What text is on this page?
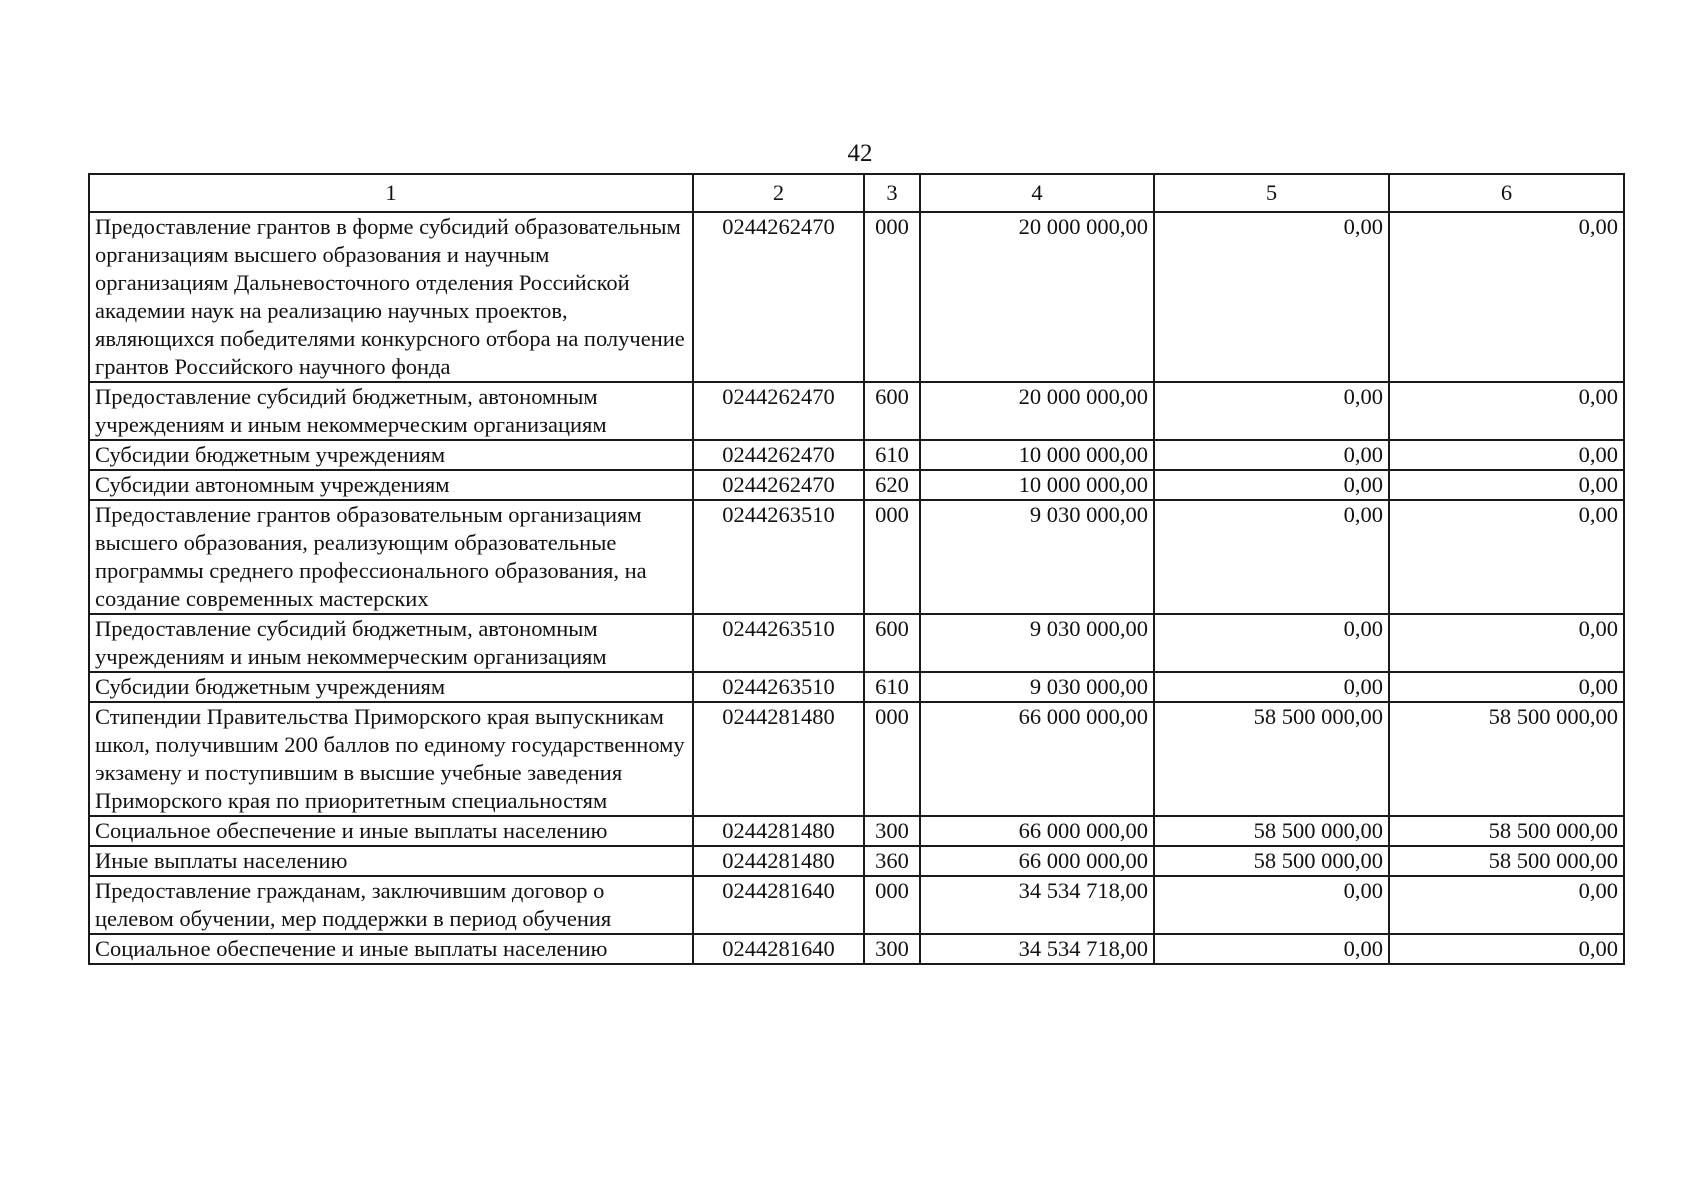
42
1	2	3	4	5	6
Предоставление грантов в форме субсидий образовательным организациям высшего образования и научным организациям Дальневосточного отделения Российской академии наук на реализацию научных проектов, являющихся победителями конкурсного отбора на получение грантов Российского научного фонда	0244262470	000	20 000 000,00	0,00	0,00
Предоставление субсидий бюджетным, автономным учреждениям и иным некоммерческим организациям	0244262470	600	20 000 000,00	0,00	0,00
Субсидии бюджетным учреждениям	0244262470	610	10 000 000,00	0,00	0,00
Субсидии автономным учреждениям	0244262470	620	10 000 000,00	0,00	0,00
Предоставление грантов образовательным организациям высшего образования, реализующим образовательные программы среднего профессионального образования, на создание современных мастерских	0244263510	000	9 030 000,00	0,00	0,00
Предоставление субсидий бюджетным, автономным учреждениям и иным некоммерческим организациям	0244263510	600	9 030 000,00	0,00	0,00
Субсидии бюджетным учреждениям	0244263510	610	9 030 000,00	0,00	0,00
Стипендии Правительства Приморского края выпускникам школ, получившим 200 баллов по единому государственному экзамену и поступившим в высшие учебные заведения Приморского края по приоритетным специальностям	0244281480	000	66 000 000,00	58 500 000,00	58 500 000,00
Социальное обеспечение и иные выплаты населению	0244281480	300	66 000 000,00	58 500 000,00	58 500 000,00
Иные выплаты населению	0244281480	360	66 000 000,00	58 500 000,00	58 500 000,00
Предоставление гражданам, заключившим договор о целевом обучении, мер поддержки в период обучения	0244281640	000	34 534 718,00	0,00	0,00
Социальное обеспечение и иные выплаты населению	0244281640	300	34 534 718,00	0,00	0,00
